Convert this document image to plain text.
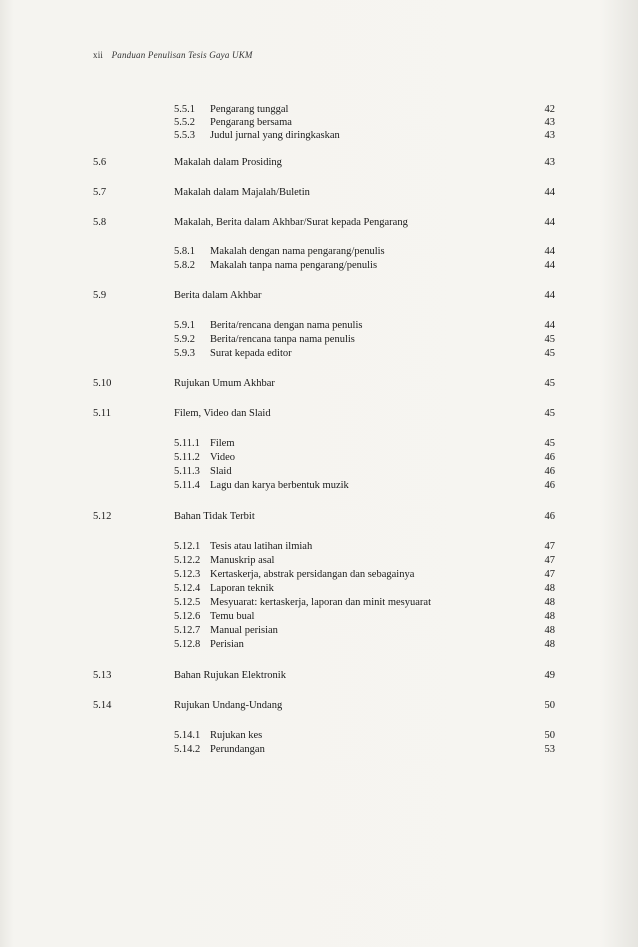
xii Panduan Penulisan Tesis Gaya UKM
5.5.1 Pengarang tunggal	42
5.5.2 Pengarang bersama	43
5.5.3 Judul jurnal yang diringkaskan	43
5.6	Makalah dalam Prosiding	43
5.7	Makalah dalam Majalah/Buletin	44
5.8	Makalah, Berita dalam Akhbar/Surat kepada Pengarang	44
5.8.1 Makalah dengan nama pengarang/penulis	44
5.8.2 Makalah tanpa nama pengarang/penulis	44
5.9	Berita dalam Akhbar	44
5.9.1 Berita/rencana dengan nama penulis	44
5.9.2 Berita/rencana tanpa nama penulis	45
5.9.3 Surat kepada editor	45
5.10	Rujukan Umum Akhbar	45
5.11	Filem, Video dan Slaid	45
5.11.1 Filem	45
5.11.2 Video	46
5.11.3 Slaid	46
5.11.4 Lagu dan karya berbentuk muzik	46
5.12	Bahan Tidak Terbit	46
5.12.1 Tesis atau latihan ilmiah	47
5.12.2 Manuskrip asal	47
5.12.3 Kertaskerja, abstrak persidangan dan sebagainya	47
5.12.4 Laporan teknik	48
5.12.5 Mesyuarat: kertaskerja, laporan dan minit mesyuarat	48
5.12.6 Temu bual	48
5.12.7 Manual perisian	48
5.12.8 Perisian	48
5.13	Bahan Rujukan Elektronik	49
5.14	Rujukan Undang-Undang	50
5.14.1 Rujukan kes	50
5.14.2 Perundangan	53
